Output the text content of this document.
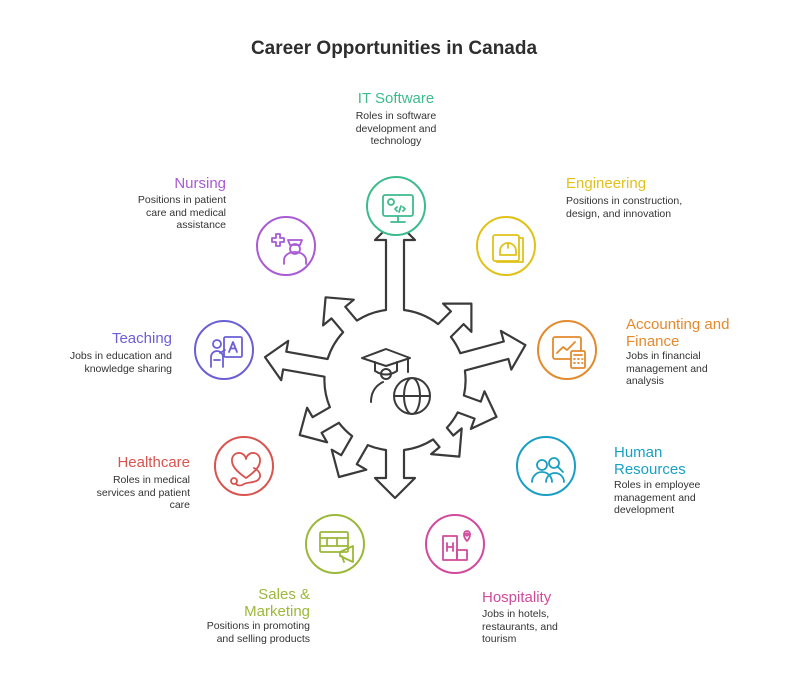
Career Opportunities in Canada
IT Software
Roles in software development and technology
Engineering
Positions in construction, design, and innovation
Accounting and Finance
Jobs in financial management and analysis
Human Resources
Roles in employee management and development
Hospitality
Jobs in hotels, restaurants, and tourism
Sales & Marketing
Positions in promoting and selling products
Healthcare
Roles in medical services and patient care
Teaching
Jobs in education and knowledge sharing
Nursing
Positions in patient care and medical assistance
